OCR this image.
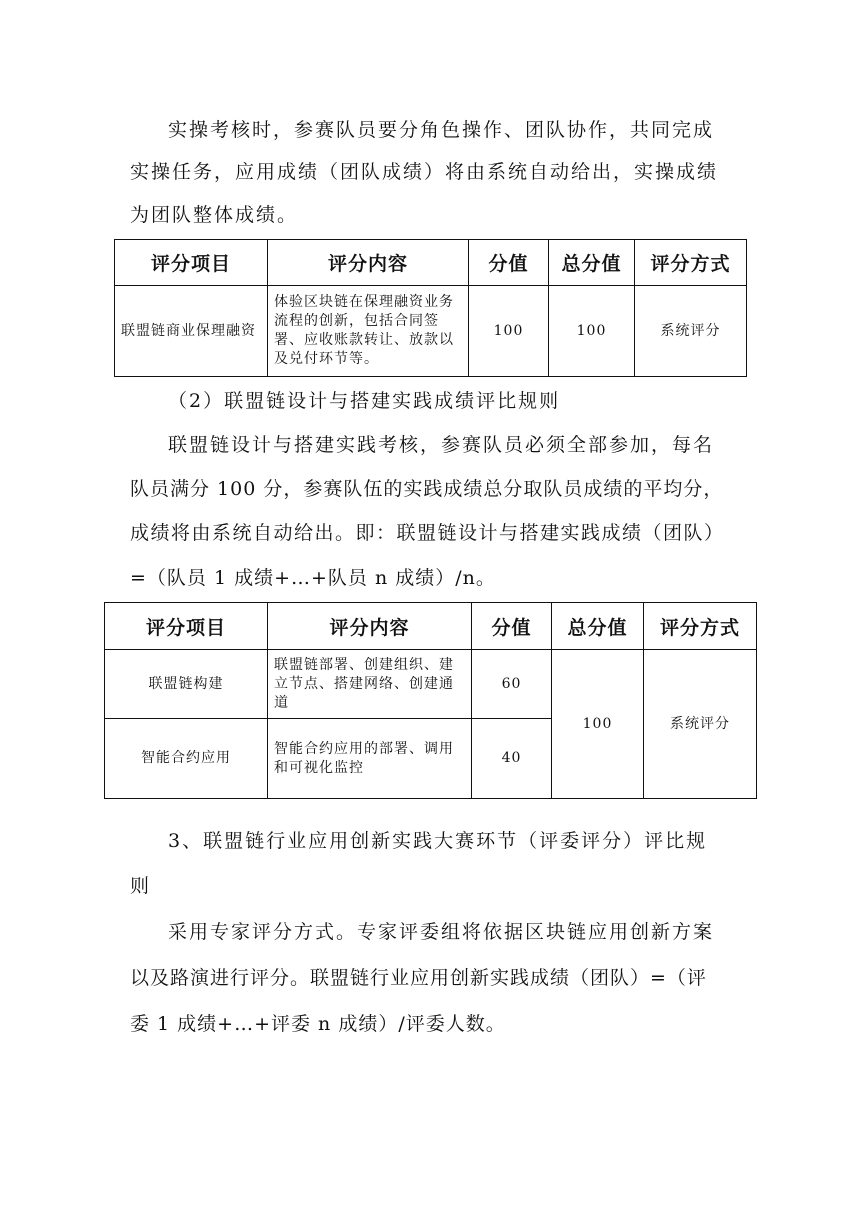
实操考核时，参赛队员要分角色操作、团队协作，共同完成
实操任务，应用成绩（团队成绩）将由系统自动给出，实操成绩
为团队整体成绩。
评分项目	评分内容	分值	总分值	评分方式
联盟链商业保理融资	体验区块链在保理融资业务流程的创新，包括合同签署、应收账款转让、放款以及兑付环节等。	100	100	系统评分
（2）联盟链设计与搭建实践成绩评比规则
联盟链设计与搭建实践考核，参赛队员必须全部参加，每名
队员满分 100 分，参赛队伍的实践成绩总分取队员成绩的平均分，
成绩将由系统自动给出。即：联盟链设计与搭建实践成绩（团队）
=（队员 1 成绩+…+队员 n 成绩）/n。
评分项目	评分内容	分值	总分值	评分方式
联盟链构建	联盟链部署、创建组织、建立节点、搭建网络、创建通道	60	100	系统评分
智能合约应用	智能合约应用的部署、调用和可视化监控	40		
3、联盟链行业应用创新实践大赛环节（评委评分）评比规
则
采用专家评分方式。专家评委组将依据区块链应用创新方案
以及路演进行评分。联盟链行业应用创新实践成绩（团队）=（评
委 1 成绩+…+评委 n 成绩）/评委人数。
